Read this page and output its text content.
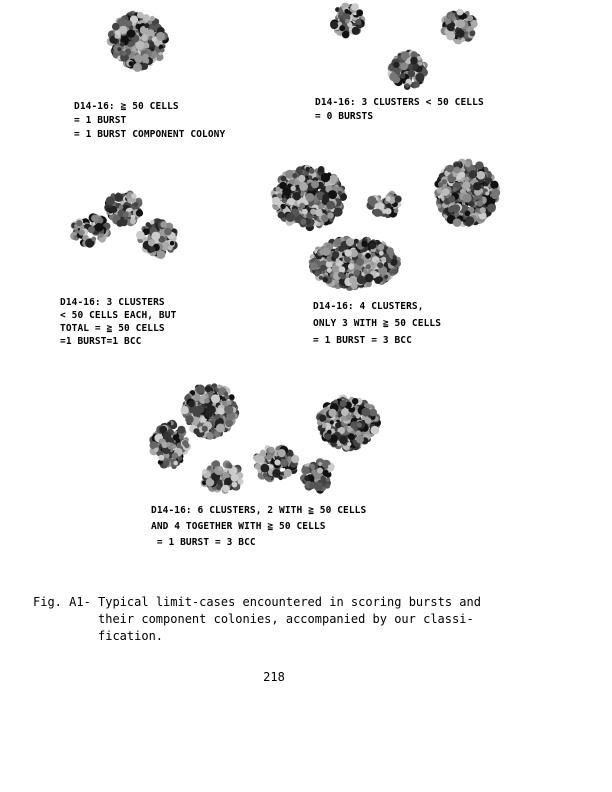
D14-16: ≧ 50 CELLS
= 1 BURST
= 1 BURST COMPONENT COLONY
D14-16: 3 CLUSTERS < 50 CELLS
= 0 BURSTS
D14-16: 3 CLUSTERS
< 50 CELLS EACH, BUT
TOTAL = ≧ 50 CELLS
=1 BURST=1 BCC
D14-16: 4 CLUSTERS,
ONLY 3 WITH ≧ 50 CELLS
= 1 BURST = 3 BCC
D14-16: 6 CLUSTERS, 2 WITH ≧ 50 CELLS
AND 4 TOGETHER WITH ≧ 50 CELLS
= 1 BURST = 3 BCC
Fig. A1- Typical limit-cases encountered in scoring bursts and
their component colonies, accompanied by our classi-
fication.
218
